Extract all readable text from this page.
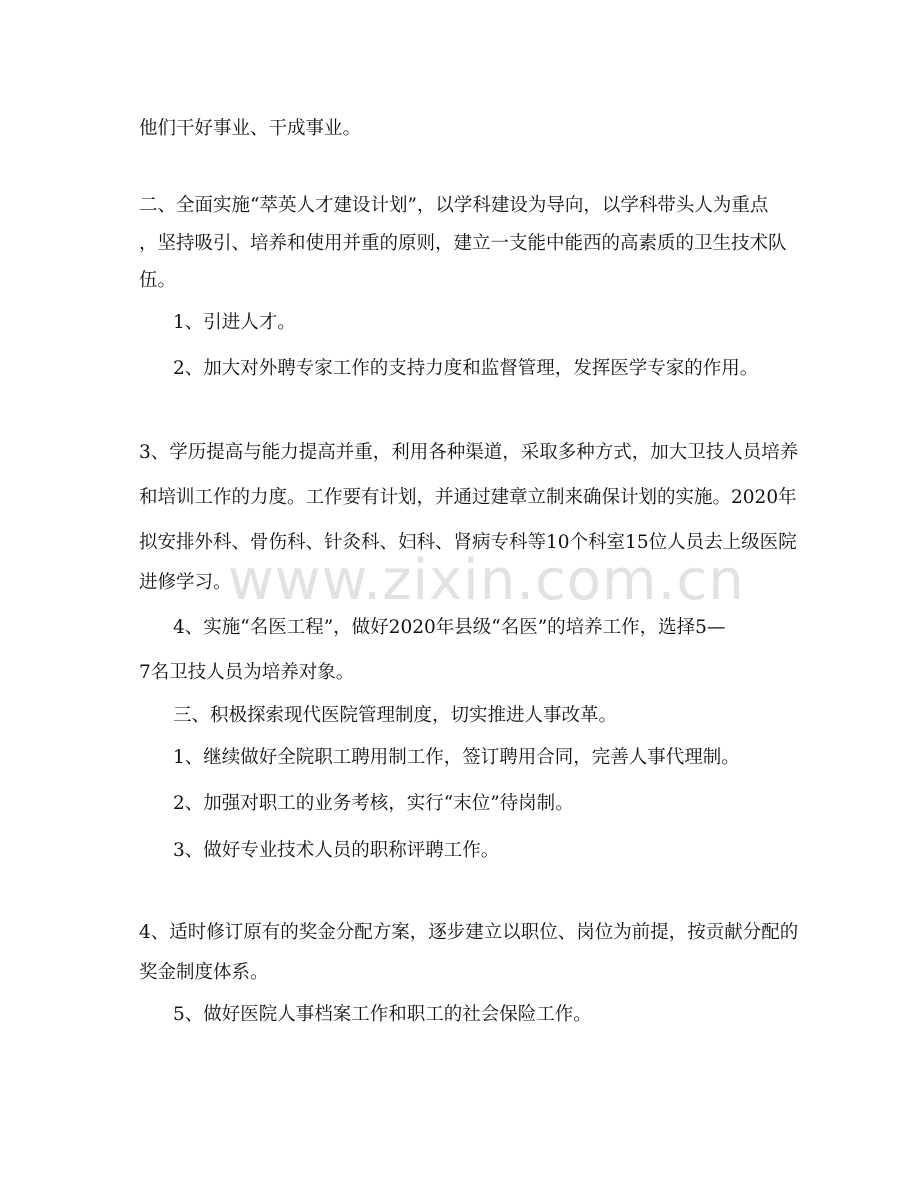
他们干好事业、干成事业。
二、全面实施“萃英人才建设计划”，以学科建设为导向，以学科带头人为重点
，坚持吸引、培养和使用并重的原则，建立一支能中能西的高素质的卫生技术队
伍。
1、引进人才。
2、加大对外聘专家工作的支持力度和监督管理，发挥医学专家的作用。
3、学历提高与能力提高并重，利用各种渠道，采取多种方式，加大卫技人员培养
和培训工作的力度。工作要有计划，并通过建章立制来确保计划的实施。2020年
拟安排外科、骨伤科、针灸科、妇科、肾病专科等10个科室15位人员去上级医院
进修学习。
4、实施“名医工程”，做好2020年县级“名医”的培养工作，选择5—
7名卫技人员为培养对象。
三、积极探索现代医院管理制度，切实推进人事改革。
1、继续做好全院职工聘用制工作，签订聘用合同，完善人事代理制。
2、加强对职工的业务考核，实行“末位”待岗制。
3、做好专业技术人员的职称评聘工作。
4、适时修订原有的奖金分配方案，逐步建立以职位、岗位为前提，按贡献分配的
奖金制度体系。
5、做好医院人事档案工作和职工的社会保险工作。
www.zixin.com.cn
